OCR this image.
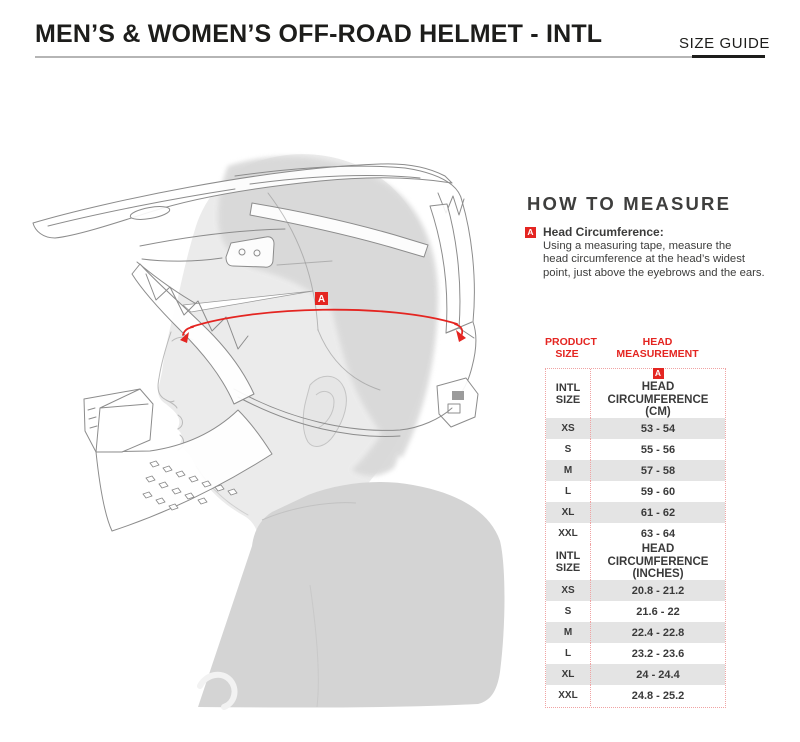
MEN’S & WOMEN’S OFF-ROAD HELMET - INTL	SIZE GUIDE
A
HOW TO MEASURE
A Head Circumference:
Using a measuring tape, measure the
head circumference at the head’s widest
point, just above the eyebrows and the ears.
PRODUCT
SIZE
HEAD
MEASUREMENT
INTL
SIZE
A
HEAD CIRCUMFERENCE
(CM)
XS	53 - 54
S	55 - 56
M	57 - 58
L	59 - 60
XL	61 - 62
XXL	63 - 64
INTL
SIZE
HEAD CIRCUMFERENCE
(INCHES)
XS	20.8 - 21.2
S	21.6 - 22
M	22.4 - 22.8
L	23.2 - 23.6
XL	24 - 24.4
XXL	24.8 - 25.2
